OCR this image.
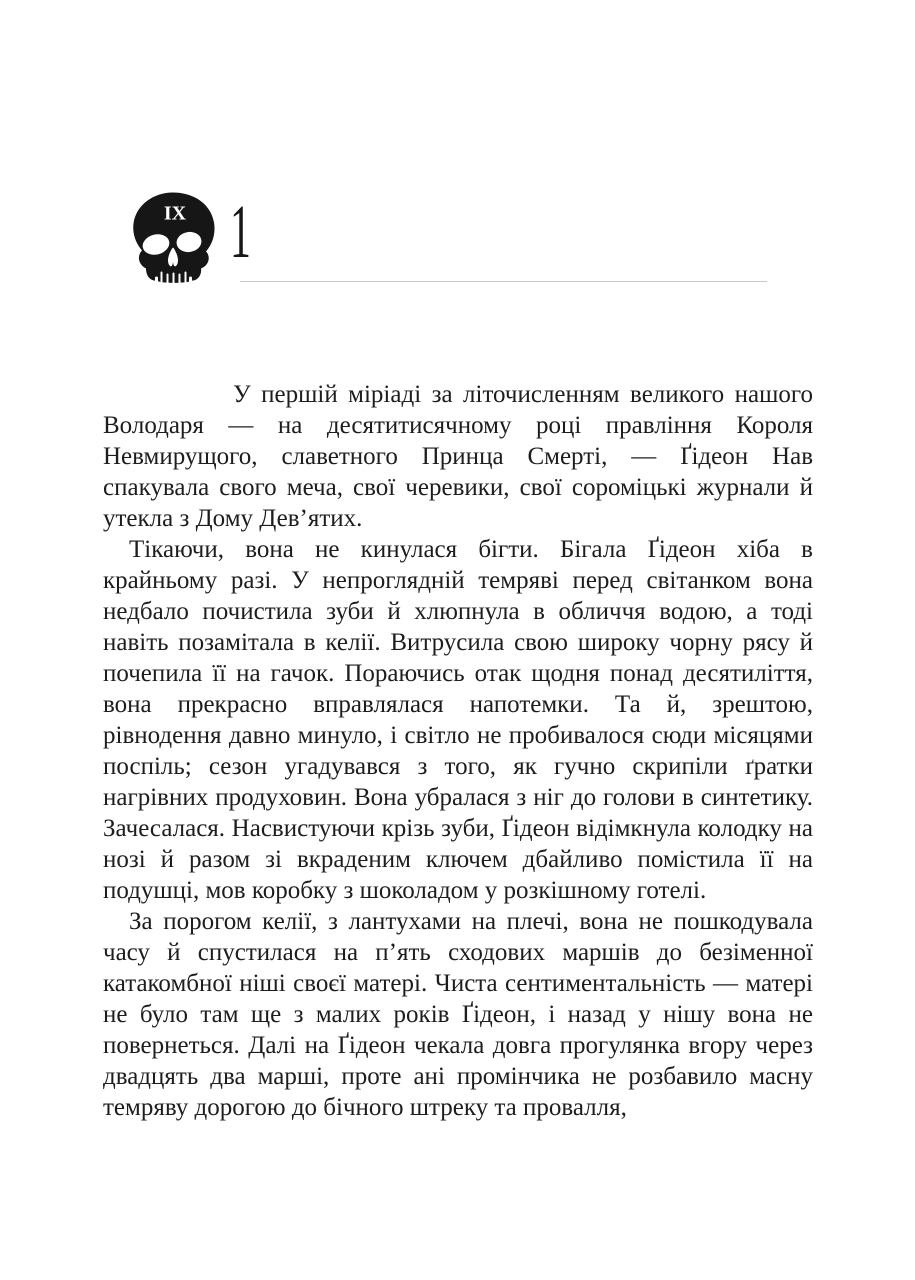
IX 1

У першій міріаді за літочисленням великого нашого Володаря — на десятитисячному році правління Короля Невмирущого, славетного Принца Смерті, — Ґідеон Нав спакувала свого меча, свої черевики, свої сороміцькі журнали й утекла з Дому Дев’ятих.

Тікаючи, вона не кинулася бігти. Бігала Ґідеон хіба в крайньому разі. У непроглядній темряві перед світанком вона недбало почистила зуби й хлюпнула в обличчя водою, а тоді навіть позамітала в келії. Витрусила свою широку чорну рясу й почепила її на гачок. Пораючись отак щодня понад десятиліття, вона прекрасно вправлялася напотемки. Та й, зрештою, рівнодення давно минуло, і світло не пробивалося сюди місяцями поспіль; сезон угадувався з того, як гучно скрипіли ґратки нагрівних продуховин. Вона убралася з ніг до голови в синтетику. Зачесалася. Насвистуючи крізь зуби, Ґідеон відімкнула колодку на нозі й разом зі вкраденим ключем дбайливо помістила її на подушці, мов коробку з шоколадом у розкішному готелі.

За порогом келії, з лантухами на плечі, вона не пошкодувала часу й спустилася на п’ять сходових маршів до безіменної катакомбної ніші своєї матері. Чиста сентиментальність — матері не було там ще з малих років Ґідеон, і назад у нішу вона не повернеться. Далі на Ґідеон чекала довга прогулянка вгору через двадцять два марші, проте ані промінчика не розбавило масну темряву дорогою до бічного штреку та провалля,
